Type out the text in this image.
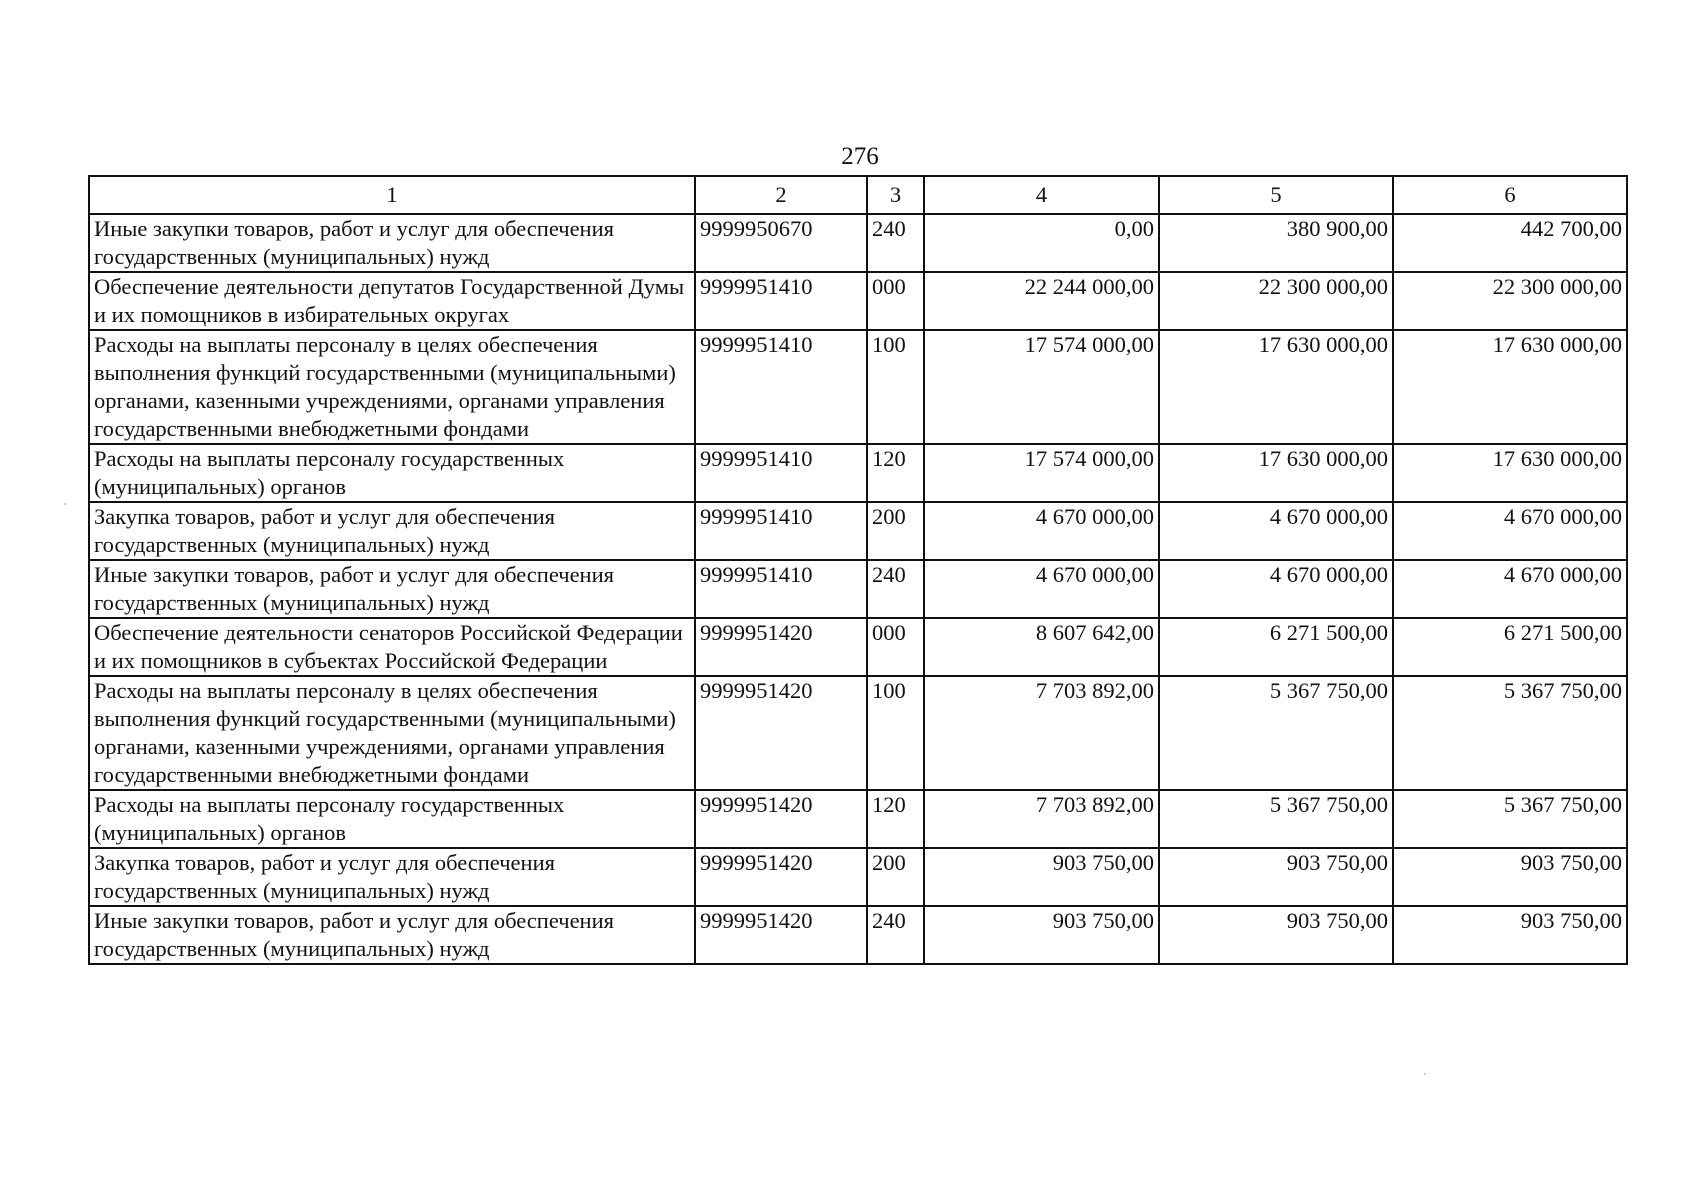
276
1	2	3	4	5	6
Иные закупки товаров, работ и услуг для обеспечения государственных (муниципальных) нужд	9999950670	240	0,00	380 900,00	442 700,00
Обеспечение деятельности депутатов Государственной Думы и их помощников в избирательных округах	9999951410	000	22 244 000,00	22 300 000,00	22 300 000,00
Расходы на выплаты персоналу в целях обеспечения выполнения функций государственными (муниципальными) органами, казенными учреждениями, органами управления государственными внебюджетными фондами	9999951410	100	17 574 000,00	17 630 000,00	17 630 000,00
Расходы на выплаты персоналу государственных (муниципальных) органов	9999951410	120	17 574 000,00	17 630 000,00	17 630 000,00
Закупка товаров, работ и услуг для обеспечения государственных (муниципальных) нужд	9999951410	200	4 670 000,00	4 670 000,00	4 670 000,00
Иные закупки товаров, работ и услуг для обеспечения государственных (муниципальных) нужд	9999951410	240	4 670 000,00	4 670 000,00	4 670 000,00
Обеспечение деятельности сенаторов Российской Федерации и их помощников в субъектах Российской Федерации	9999951420	000	8 607 642,00	6 271 500,00	6 271 500,00
Расходы на выплаты персоналу в целях обеспечения выполнения функций государственными (муниципальными) органами, казенными учреждениями, органами управления государственными внебюджетными фондами	9999951420	100	7 703 892,00	5 367 750,00	5 367 750,00
Расходы на выплаты персоналу государственных (муниципальных) органов	9999951420	120	7 703 892,00	5 367 750,00	5 367 750,00
Закупка товаров, работ и услуг для обеспечения государственных (муниципальных) нужд	9999951420	200	903 750,00	903 750,00	903 750,00
Иные закупки товаров, работ и услуг для обеспечения государственных (муниципальных) нужд	9999951420	240	903 750,00	903 750,00	903 750,00
